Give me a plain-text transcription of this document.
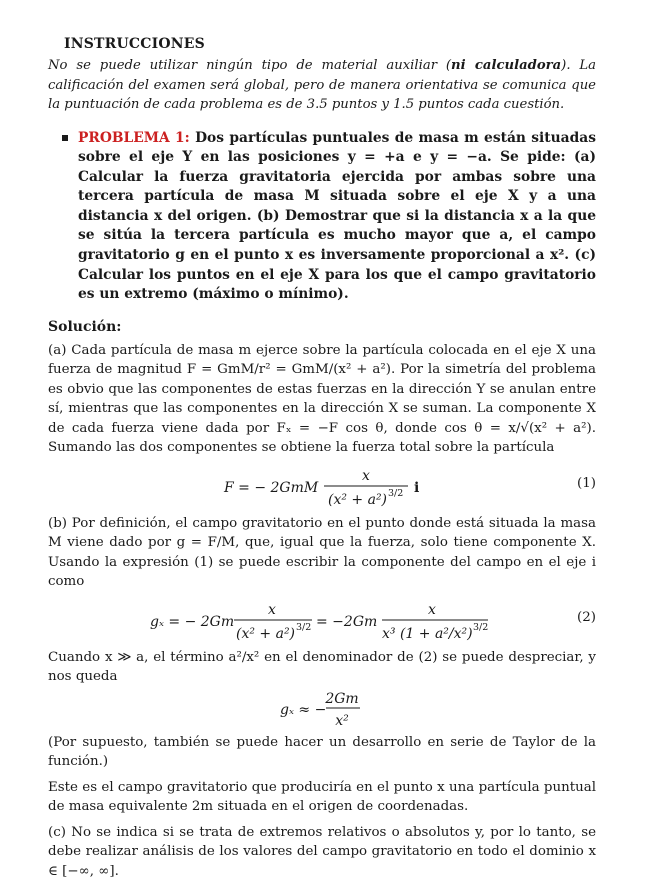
INSTRUCCIONES

No se puede utilizar ningún tipo de material auxiliar (ni calculadora). La calificación del examen será global, pero de manera orientativa se comunica que la puntuación de cada problema es de 3.5 puntos y 1.5 puntos cada cuestión.

PROBLEMA 1: Dos partículas puntuales de masa m están situadas sobre el eje Y en las posiciones y = +a e y = −a. Se pide: (a) Calcular la fuerza gravitatoria ejercida por ambas sobre una tercera partícula de masa M situada sobre el eje X y a una distancia x del origen. (b) Demostrar que si la distancia x a la que se sitúa la tercera partícula es mucho mayor que a, el campo gravitatorio g en el punto x es inversamente proporcional a x². (c) Calcular los puntos en el eje X para los que el campo gravitatorio es un extremo (máximo o mínimo).
Solución:

(a) Cada partícula de masa m ejerce sobre la partícula colocada en el eje X una fuerza de magnitud F = GmM/r² = GmM/(x² + a²). Por la simetría del problema es obvio que las componentes de estas fuerzas en la dirección Y se anulan entre sí, mientras que las componentes en la dirección X se suman. La componente X de cada fuerza viene dada por Fₓ = −F cos θ, donde cos θ = x/√(x² + a²). Sumando las dos componentes se obtiene la fuerza total sobre la partícula

F = − 2GmM
x
(x² + a²) 3/2 i	(1)

(b) Por definición, el campo gravitatorio en el punto donde está situada la masa M viene dado por g = F/M, que, igual que la fuerza, solo tiene componente X. Usando la expresión (1) se puede escribir la componente del campo en el eje i como

gₓ = − 2Gm
x
(x² + a²) 3/2 = −2Gm
x
x³ (1 + a²/x²) 3/2
(2)

Cuando x ≫ a, el término a²/x² en el denominador de (2) se puede despreciar, y nos queda

gₓ ≈ −
2Gm
x²

(Por supuesto, también se puede hacer un desarrollo en serie de Taylor de la función.)

Este es el campo gravitatorio que produciría en el punto x una partícula puntual de masa equivalente 2m situada en el origen de coordenadas.

(c) No se indica si se trata de extremos relativos o absolutos y, por lo tanto, se debe realizar análisis de los valores del campo gravitatorio en todo el dominio x ∈ [−∞, ∞].
